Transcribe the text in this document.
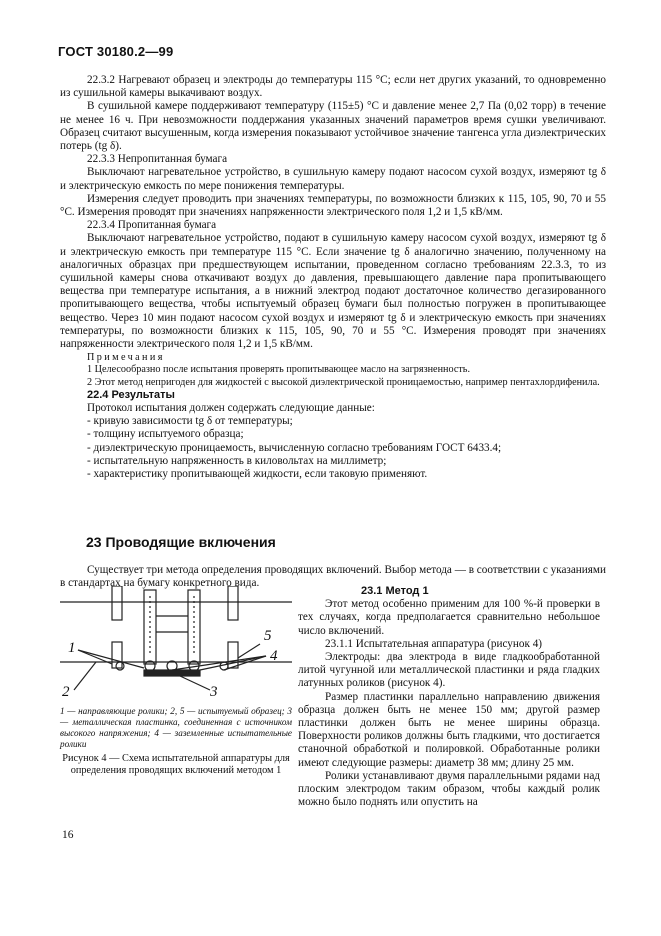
ГОСТ 30180.2—99

22.3.2 Нагревают образец и электроды до температуры 115 °С; если нет других указаний, то одновременно из сушильной камеры выкачивают воздух.

В сушильной камере поддерживают температуру (115±5) °С и давление менее 2,7 Па (0,02 торр) в течение не менее 16 ч. При невозможности поддержания указанных значений параметров время сушки увеличивают. Образец считают высушенным, когда измерения показывают устойчивое значение тангенса угла диэлектрических потерь (tg δ).

22.3.3 Непропитанная бумага

Выключают нагревательное устройство, в сушильную камеру подают насосом сухой воздух, измеряют tg δ и электрическую емкость по мере понижения температуры.

Измерения следует проводить при значениях температуры, по возможности близких к 115, 105, 90, 70 и 55 °С. Измерения проводят при значениях напряженности электрического поля 1,2 и 1,5 кВ/мм.

22.3.4 Пропитанная бумага

Выключают нагревательное устройство, подают в сушильную камеру насосом сухой воздух, измеряют tg δ и электрическую емкость при температуре 115 °С. Если значение tg δ аналогично значению, полученному на аналогичных образцах при предшествующем испытании, проведенном согласно требованиям 22.3.3, то из сушильной камеры снова откачивают воздух до давления, превышающего давление пара пропитывающего вещества при температуре испытания, а в нижний электрод подают достаточное количество дегазированного пропитывающего вещества, чтобы испытуемый образец бумаги был полностью погружен в пропитывающее вещество. Через 10 мин подают насосом сухой воздух и измеряют tg δ и электрическую емкость при значениях температуры, по возможности близких к 115, 105, 90, 70 и 55 °С. Измерения проводят при значениях напряженности электрического поля 1,2 и 1,5 кВ/мм.

Примечания

1 Целесообразно после испытания проверять пропитывающее масло на загрязненность.

2 Этот метод непригоден для жидкостей с высокой диэлектрической проницаемостью, например пентахлордифенила.

22.4 Результаты

Протокол испытания должен содержать следующие данные:

- кривую зависимости tg δ от температуры;

- толщину испытуемого образца;

- диэлектрическую проницаемость, вычисленную согласно требованиям ГОСТ 6433.4;

- испытательную напряженность в киловольтах на миллиметр;

- характеристику пропитывающей жидкости, если таковую применяют.

23 Проводящие включения

Существует три метода определения проводящих включений. Выбор метода — в соответствии с указаниями в стандартах на бумагу конкретного вида.

1
2	3
4
5
1 — направляющие ролики; 2, 5 — испытуемый образец; 3 — металлическая пластинка, соединенная с источником высокого напряжения; 4 — заземленные испытательные ролики
Рисунок 4 — Схема испытательной аппаратуры для определения проводящих включений методом 1

23.1 Метод 1

Этот метод особенно применим для 100 %-й проверки в тех случаях, когда предполагается сравнительно небольшое число включений.

23.1.1 Испытательная аппаратура (рисунок 4)

Электроды: два электрода в виде гладкообработанной литой чугунной или металлической пластинки и ряда гладких латунных роликов (рисунок 4).

Размер пластинки параллельно направлению движения образца должен быть не менее 150 мм; другой размер пластинки должен быть не менее ширины образца. Поверхности роликов должны быть гладкими, что достигается станочной обработкой и полировкой. Обработанные ролики имеют следующие размеры: диаметр 38 мм; длину 25 мм.

Ролики устанавливают двумя параллельными рядами над плоским электродом таким образом, чтобы каждый ролик можно было поднять или опустить на

16
